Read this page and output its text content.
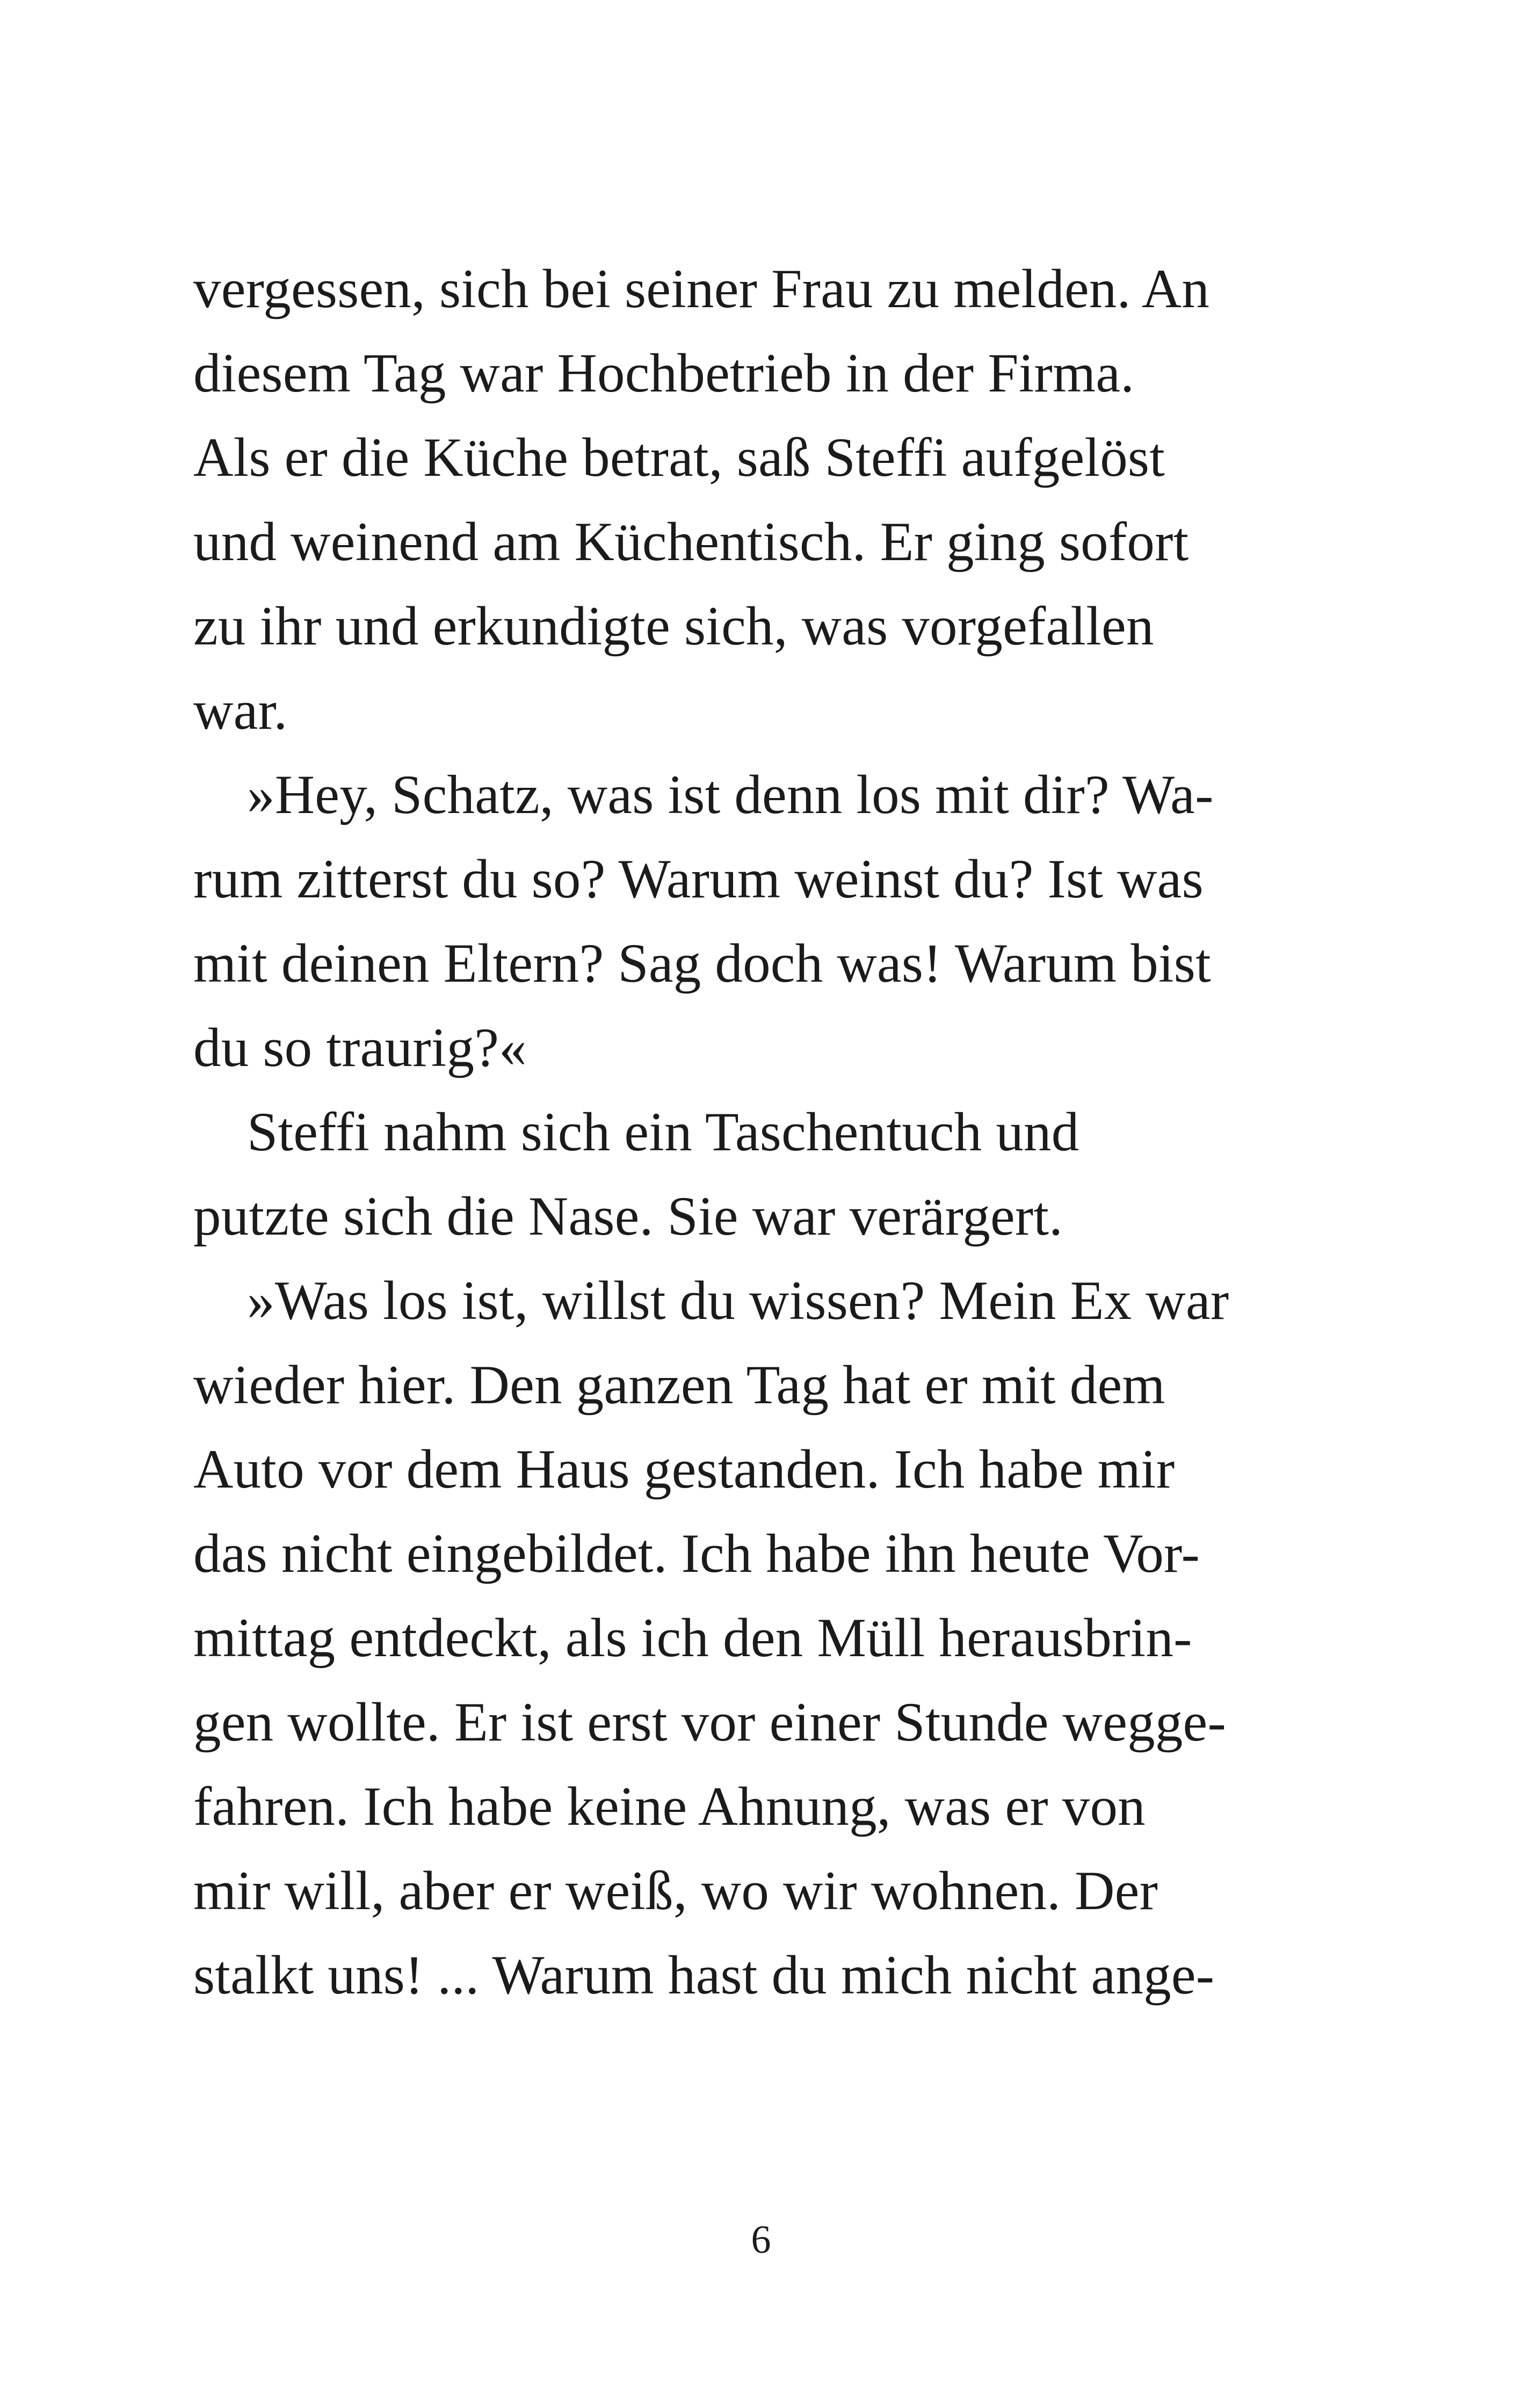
vergessen, sich bei seiner Frau zu melden. An
diesem Tag war Hochbetrieb in der Firma.
Als er die Küche betrat, saß Steffi aufgelöst
und weinend am Küchentisch. Er ging sofort
zu ihr und erkundigte sich, was vorgefallen
war.
»Hey, Schatz, was ist denn los mit dir? Wa-
rum zitterst du so? Warum weinst du? Ist was
mit deinen Eltern? Sag doch was! Warum bist
du so traurig?«
Steffi nahm sich ein Taschentuch und
putzte sich die Nase. Sie war verärgert.
»Was los ist, willst du wissen? Mein Ex war
wieder hier. Den ganzen Tag hat er mit dem
Auto vor dem Haus gestanden. Ich habe mir
das nicht eingebildet. Ich habe ihn heute Vor-
mittag entdeckt, als ich den Müll herausbrin-
gen wollte. Er ist erst vor einer Stunde wegge-
fahren. Ich habe keine Ahnung, was er von
mir will, aber er weiß, wo wir wohnen. Der
stalkt uns! ... Warum hast du mich nicht ange-
6
